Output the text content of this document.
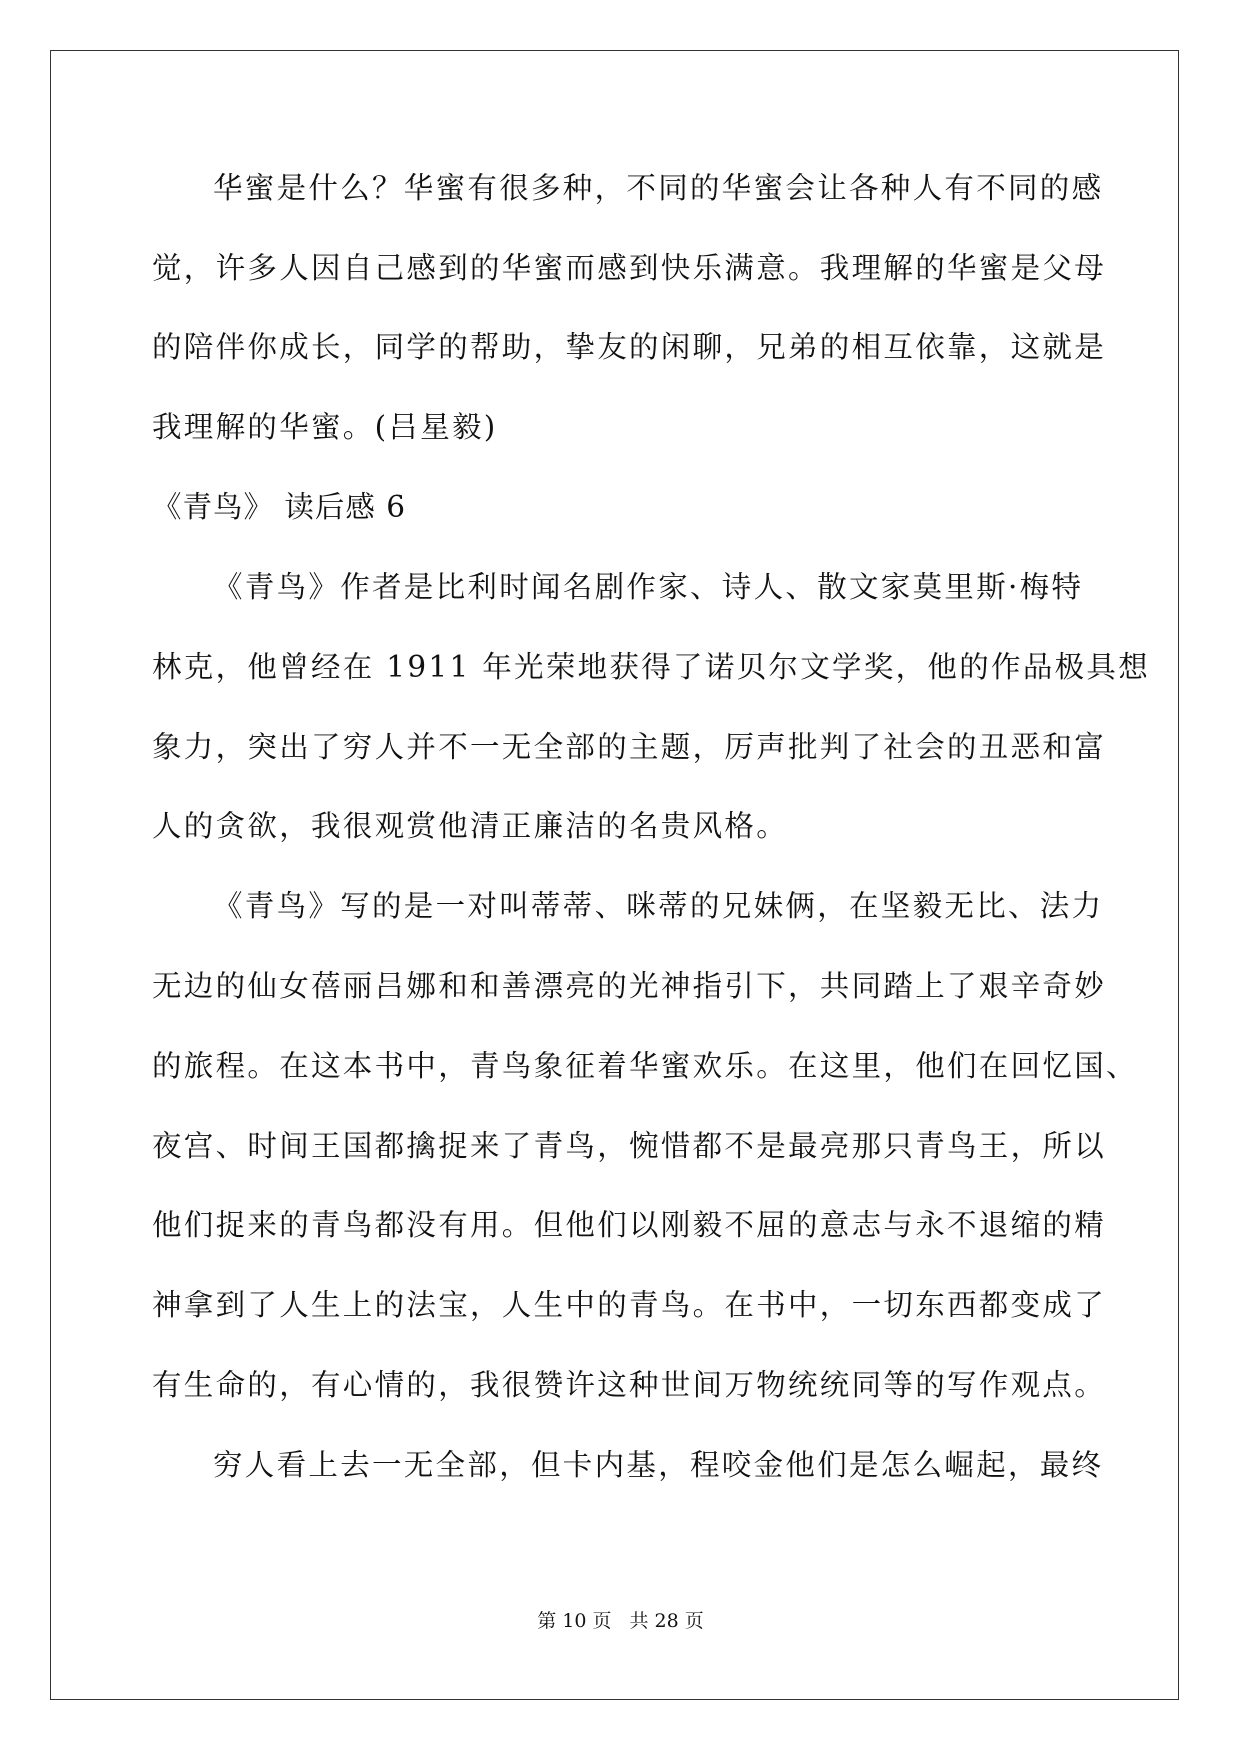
华蜜是什么？华蜜有很多种，不同的华蜜会让各种人有不同的感
觉，许多人因自己感到的华蜜而感到快乐满意。我理解的华蜜是父母
的陪伴你成长，同学的帮助，挚友的闲聊，兄弟的相互依靠，这就是
我理解的华蜜。(吕星毅)
《青鸟》 读后感 6
《青鸟》作者是比利时闻名剧作家、诗人、散文家莫里斯·梅特
林克，他曾经在 1911 年光荣地获得了诺贝尔文学奖，他的作品极具想
象力，突出了穷人并不一无全部的主题，厉声批判了社会的丑恶和富
人的贪欲，我很观赏他清正廉洁的名贵风格。
《青鸟》写的是一对叫蒂蒂、咪蒂的兄妹俩，在坚毅无比、法力
无边的仙女蓓丽吕娜和和善漂亮的光神指引下，共同踏上了艰辛奇妙
的旅程。在这本书中，青鸟象征着华蜜欢乐。在这里，他们在回忆国、
夜宫、时间王国都擒捉来了青鸟，惋惜都不是最亮那只青鸟王，所以
他们捉来的青鸟都没有用。但他们以刚毅不屈的意志与永不退缩的精
神拿到了人生上的法宝，人生中的青鸟。在书中，一切东西都变成了
有生命的，有心情的，我很赞许这种世间万物统统同等的写作观点。
穷人看上去一无全部，但卡内基，程咬金他们是怎么崛起，最终
第 10 页 共 28 页
